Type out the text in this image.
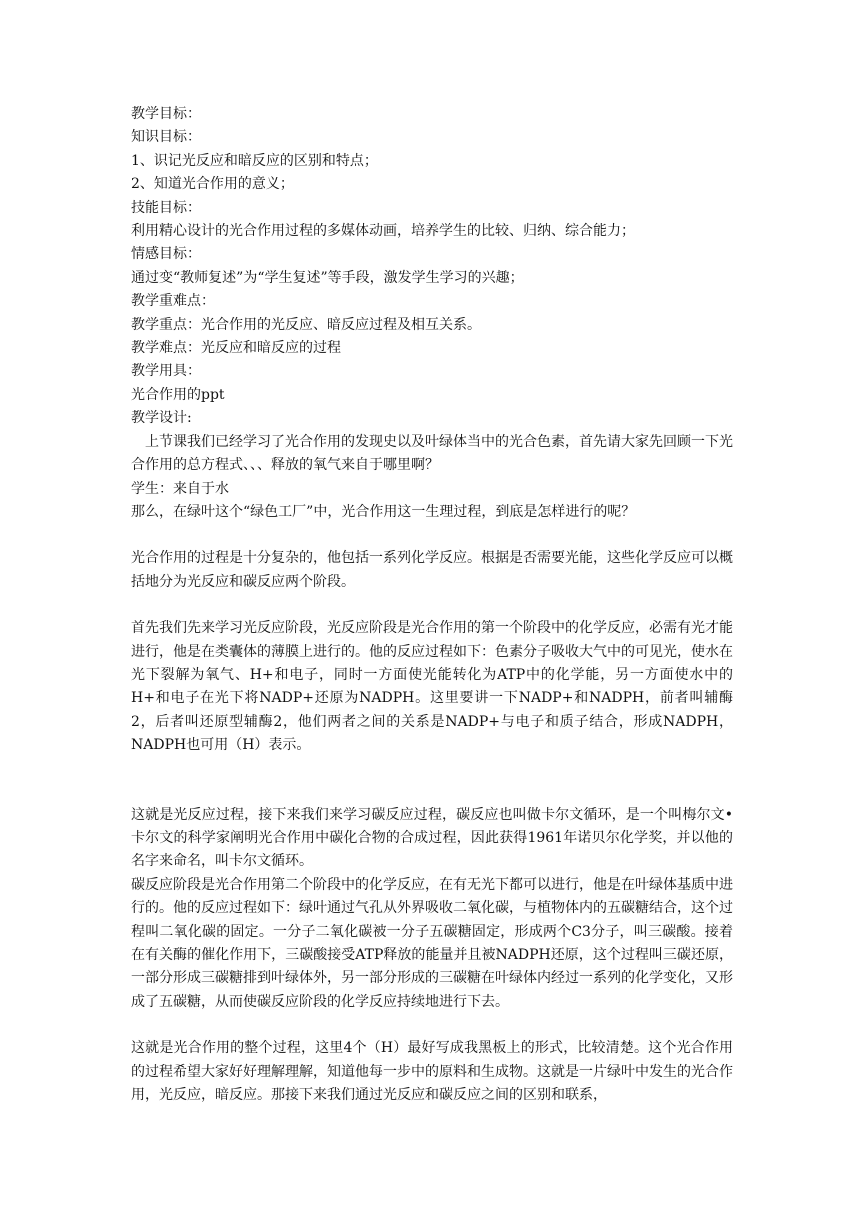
教学目标：

知识目标：

1、识记光反应和暗反应的区别和特点；

2、知道光合作用的意义；

技能目标：

利用精心设计的光合作用过程的多媒体动画，培养学生的比较、归纳、综合能力；

情感目标：

通过变“教师复述”为“学生复述”等手段，激发学生学习的兴趣；

教学重难点：

教学重点：光合作用的光反应、暗反应过程及相互关系。

教学难点：光反应和暗反应的过程

教学用具：

光合作用的ppt

教学设计:

上节课我们已经学习了光合作用的发现史以及叶绿体当中的光合色素，首先请大家先回顾一下光合作用的总方程式、、、释放的氧气来自于哪里啊？

学生：来自于水

那么，在绿叶这个“绿色工厂”中，光合作用这一生理过程，到底是怎样进行的呢？

光合作用的过程是十分复杂的，他包括一系列化学反应。根据是否需要光能，这些化学反应可以概括地分为光反应和碳反应两个阶段。

首先我们先来学习光反应阶段，光反应阶段是光合作用的第一个阶段中的化学反应，必需有光才能进行，他是在类囊体的薄膜上进行的。他的反应过程如下：色素分子吸收大气中的可见光，使水在光下裂解为氧气、H+和电子，同时一方面使光能转化为ATP中的化学能，另一方面使水中的H+和电子在光下将NADP+还原为NADPH。这里要讲一下NADP+和NADPH，前者叫辅酶2，后者叫还原型辅酶2，他们两者之间的关系是NADP+与电子和质子结合，形成NADPH，NADPH也可用（H）表示。

这就是光反应过程，接下来我们来学习碳反应过程，碳反应也叫做卡尔文循环，是一个叫梅尔文•卡尔文的科学家阐明光合作用中碳化合物的合成过程，因此获得1961年诺贝尔化学奖，并以他的名字来命名，叫卡尔文循环。

碳反应阶段是光合作用第二个阶段中的化学反应，在有无光下都可以进行，他是在叶绿体基质中进行的。他的反应过程如下：绿叶通过气孔从外界吸收二氧化碳，与植物体内的五碳糖结合，这个过程叫二氧化碳的固定。一分子二氧化碳被一分子五碳糖固定，形成两个C3分子，叫三碳酸。接着在有关酶的催化作用下，三碳酸接受ATP释放的能量并且被NADPH还原，这个过程叫三碳还原，一部分形成三碳糖排到叶绿体外，另一部分形成的三碳糖在叶绿体内经过一系列的化学变化，又形成了五碳糖，从而使碳反应阶段的化学反应持续地进行下去。

这就是光合作用的整个过程，这里4个（H）最好写成我黑板上的形式，比较清楚。这个光合作用的过程希望大家好好理解理解，知道他每一步中的原料和生成物。这就是一片绿叶中发生的光合作用，光反应，暗反应。那接下来我们通过光反应和碳反应之间的区别和联系，
